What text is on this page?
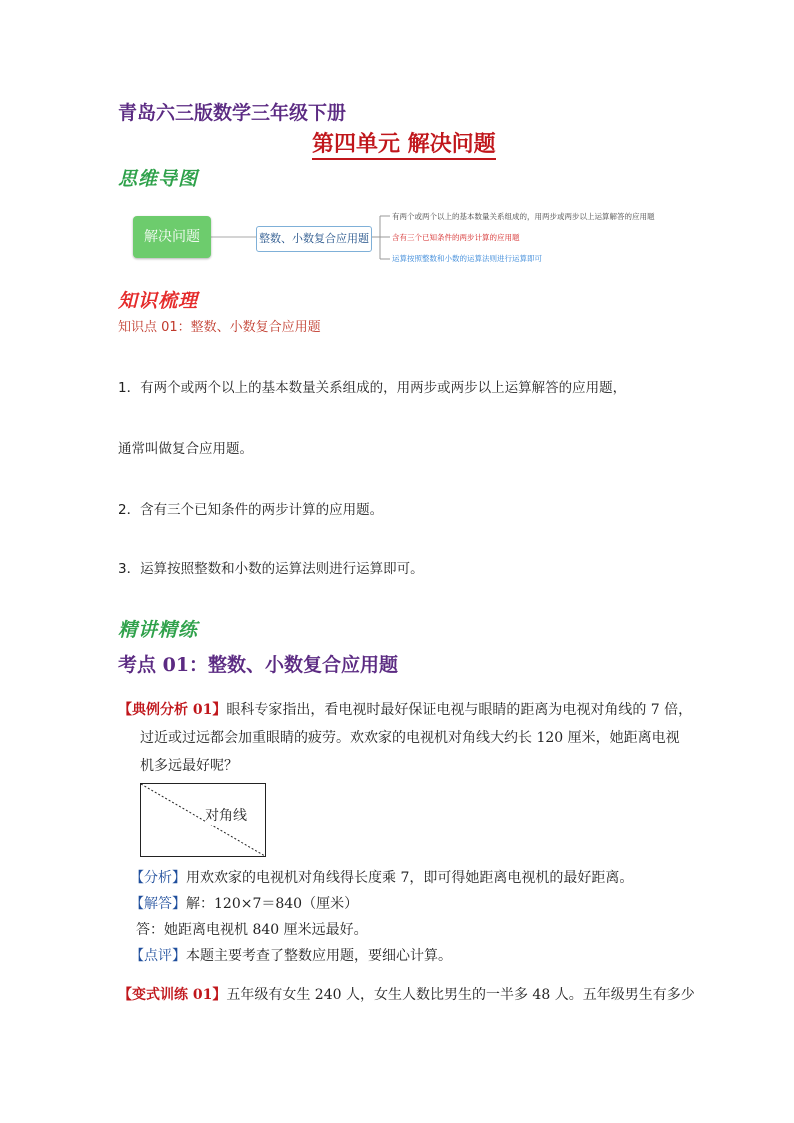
青岛六三版数学三年级下册
第四单元 解决问题
思维导图
解决问题	整数、小数复合应用题
有两个或两个以上的基本数量关系组成的，用两步或两步以上运算解答的应用题
含有三个已知条件的两步计算的应用题
运算按照整数和小数的运算法则进行运算即可
知识梳理
知识点 01：整数、小数复合应用题
1．有两个或两个以上的基本数量关系组成的，用两步或两步以上运算解答的应用题，
通常叫做复合应用题。
2．含有三个已知条件的两步计算的应用题。
3．运算按照整数和小数的运算法则进行运算即可。
精讲精练
考点 01：整数、小数复合应用题
【典例分析 01】眼科专家指出，看电视时最好保证电视与眼睛的距离为电视对角线的 7 倍，
过近或过远都会加重眼睛的疲劳。欢欢家的电视机对角线大约长 120 厘米，她距离电视
机多远最好呢？
对角线
【分析】用欢欢家的电视机对角线得长度乘 7，即可得她距离电视机的最好距离。
【解答】解：120×7＝840（厘米）
答：她距离电视机 840 厘米远最好。
【点评】本题主要考查了整数应用题，要细心计算。
【变式训练 01】五年级有女生 240 人，女生人数比男生的一半多 48 人。五年级男生有多少
